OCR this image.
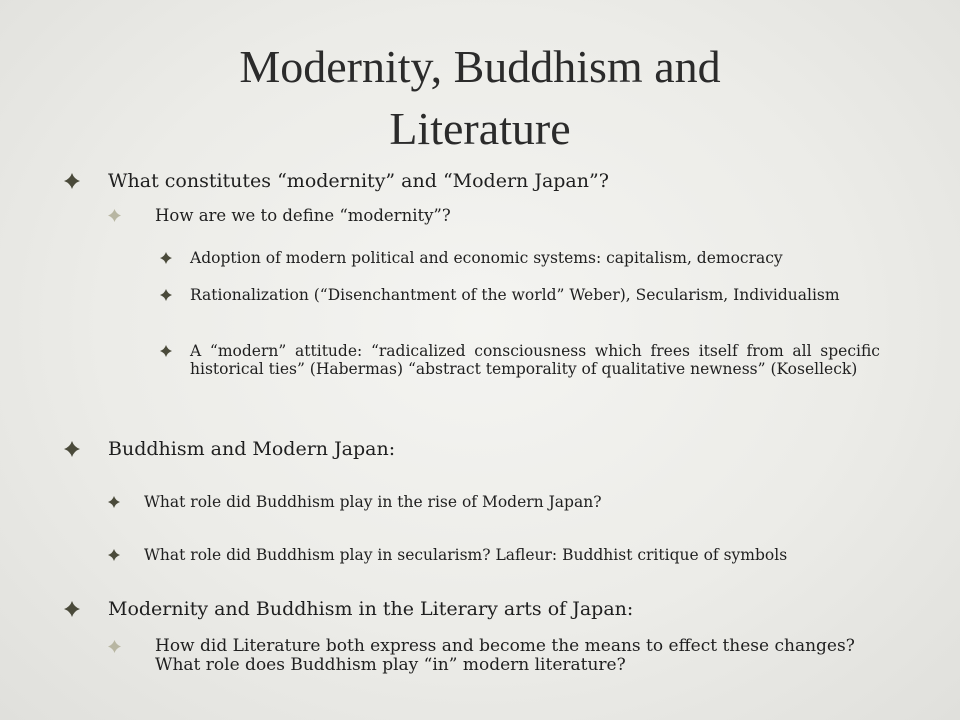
Modernity, Buddhism and
Literature
What constitutes “modernity” and “Modern Japan”?
How are we to define “modernity”?
Adoption of modern political and economic systems: capitalism, democracy
Rationalization (“Disenchantment of the world” Weber), Secularism, Individualism
A “modern” attitude: “radicalized consciousness which frees itself from all specific historical ties” (Habermas) “abstract temporality of qualitative newness” (Koselleck)
Buddhism and Modern Japan:
What role did Buddhism play in the rise of Modern Japan?
What role did Buddhism play in secularism? Lafleur: Buddhist critique of symbols
Modernity and Buddhism in the Literary arts of Japan:
How did Literature both express and become the means to effect these changes? What role does Buddhism play “in” modern literature?
